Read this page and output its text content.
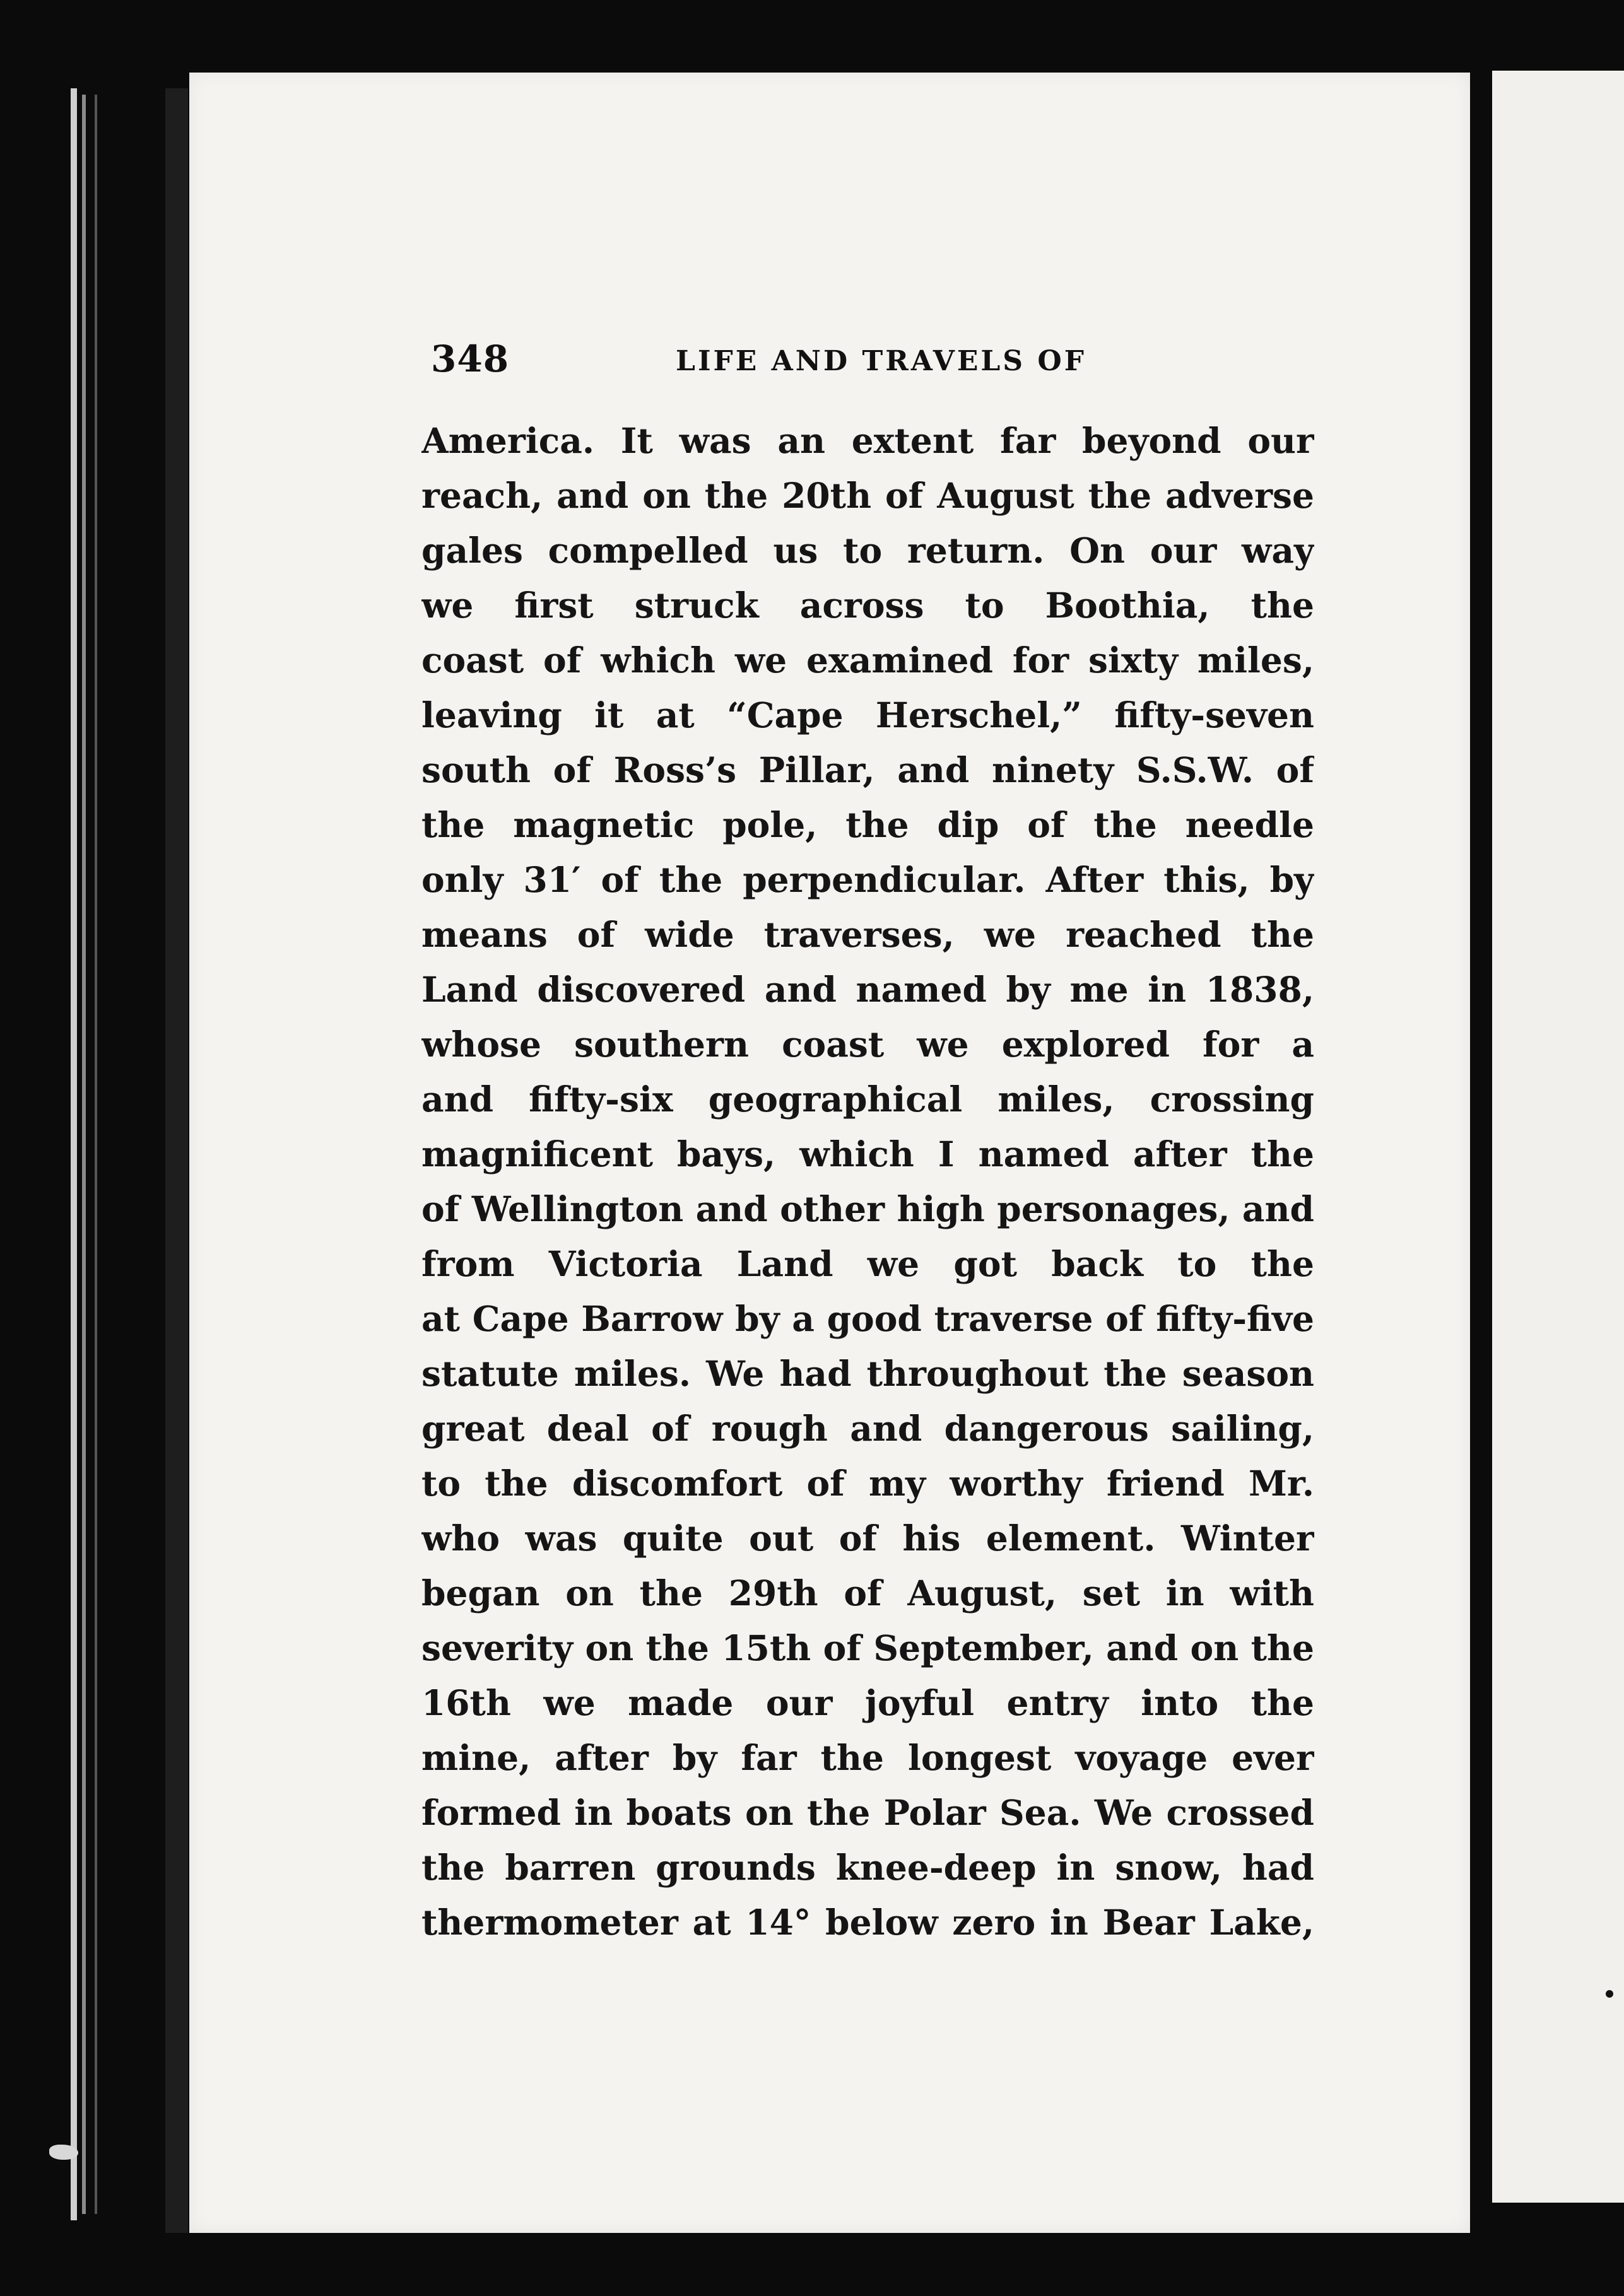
348	LIFE AND TRAVELS OF
America. It was an extent far beyond our
reach, and on the 20th of August the adverse
gales compelled us to return. On our way
we first struck across to Boothia, the
coast of which we examined for sixty miles,
leaving it at “Cape Herschel,” fifty-seven
south of Ross’s Pillar, and ninety S.S.W. of
the magnetic pole, the dip of the needle
only 31′ of the perpendicular. After this, by
means of wide traverses, we reached the
Land discovered and named by me in 1838,
whose southern coast we explored for a
and fifty-six geographical miles, crossing
magnificent bays, which I named after the
of Wellington and other high personages, and
from Victoria Land we got back to the
at Cape Barrow by a good traverse of fifty-five
statute miles. We had throughout the season
great deal of rough and dangerous sailing,
to the discomfort of my worthy friend Mr.
who was quite out of his element. Winter
began on the 29th of August, set in with
severity on the 15th of September, and on the
16th we made our joyful entry into the
mine, after by far the longest voyage ever
formed in boats on the Polar Sea. We crossed
the barren grounds knee-deep in snow, had
thermometer at 14° below zero in Bear Lake,
